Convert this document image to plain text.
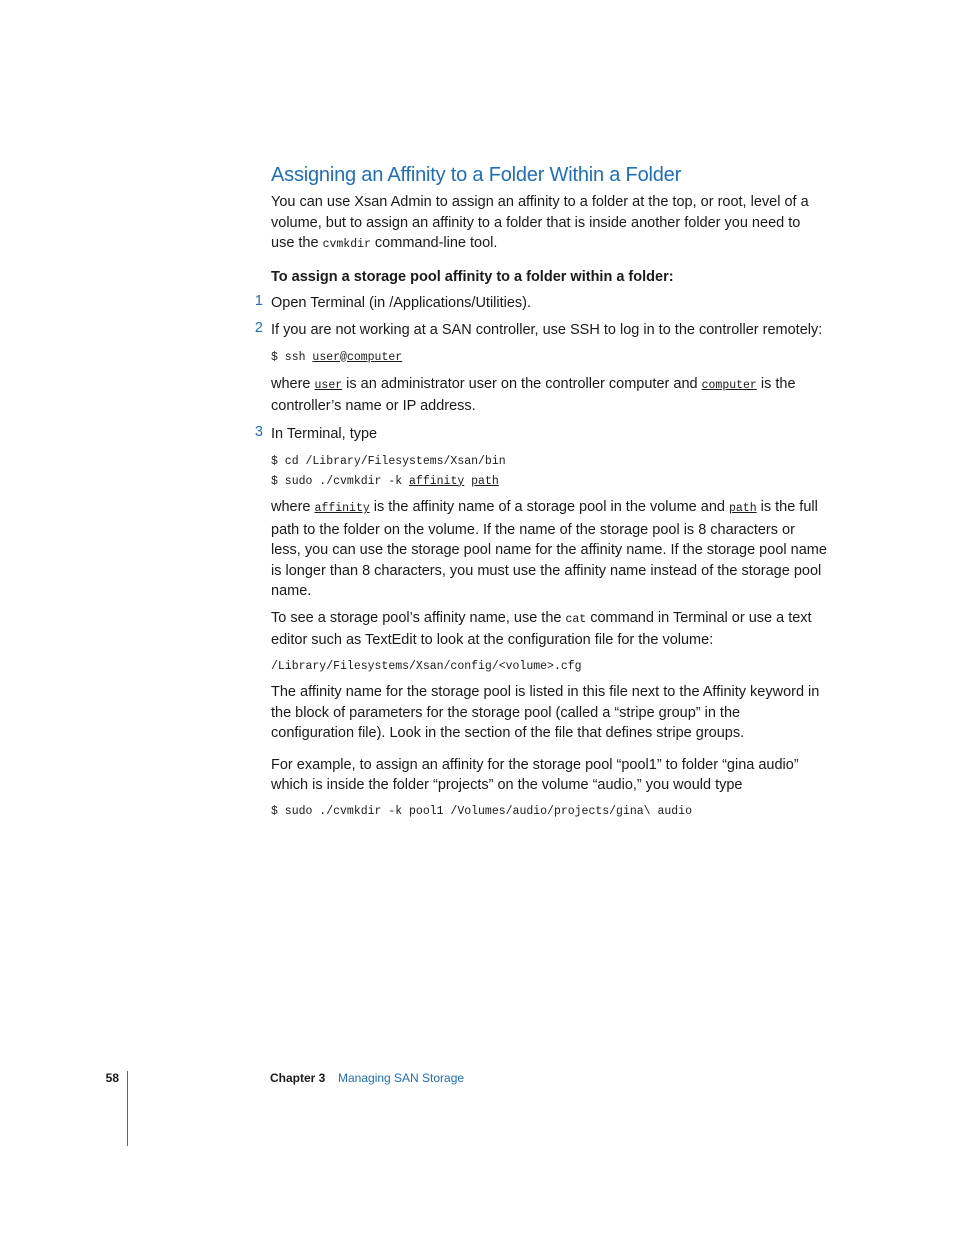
Assigning an Affinity to a Folder Within a Folder

You can use Xsan Admin to assign an affinity to a folder at the top, or root, level of a volume, but to assign an affinity to a folder that is inside another folder you need to use the cvmkdir command-line tool.

To assign a storage pool affinity to a folder within a folder:

1 Open Terminal (in /Applications/Utilities).

2 If you are not working at a SAN controller, use SSH to log in to the controller remotely:

$ ssh user@computer

where user is an administrator user on the controller computer and computer is the controller’s name or IP address.

3 In Terminal, type

$ cd /Library/Filesystems/Xsan/bin
$ sudo ./cvmkdir -k affinity path

where affinity is the affinity name of a storage pool in the volume and path is the full path to the folder on the volume. If the name of the storage pool is 8 characters or less, you can use the storage pool name for the affinity name. If the storage pool name is longer than 8 characters, you must use the affinity name instead of the storage pool name.

To see a storage pool’s affinity name, use the cat command in Terminal or use a text editor such as TextEdit to look at the configuration file for the volume:

/Library/Filesystems/Xsan/config/<volume>.cfg

The affinity name for the storage pool is listed in this file next to the Affinity keyword in the block of parameters for the storage pool (called a “stripe group” in the configuration file). Look in the section of the file that defines stripe groups.

For example, to assign an affinity for the storage pool “pool1” to folder “gina audio” which is inside the folder “projects” on the volume “audio,” you would type

$ sudo ./cvmkdir -k pool1 /Volumes/audio/projects/gina\ audio
58	Chapter 3 Managing SAN Storage
